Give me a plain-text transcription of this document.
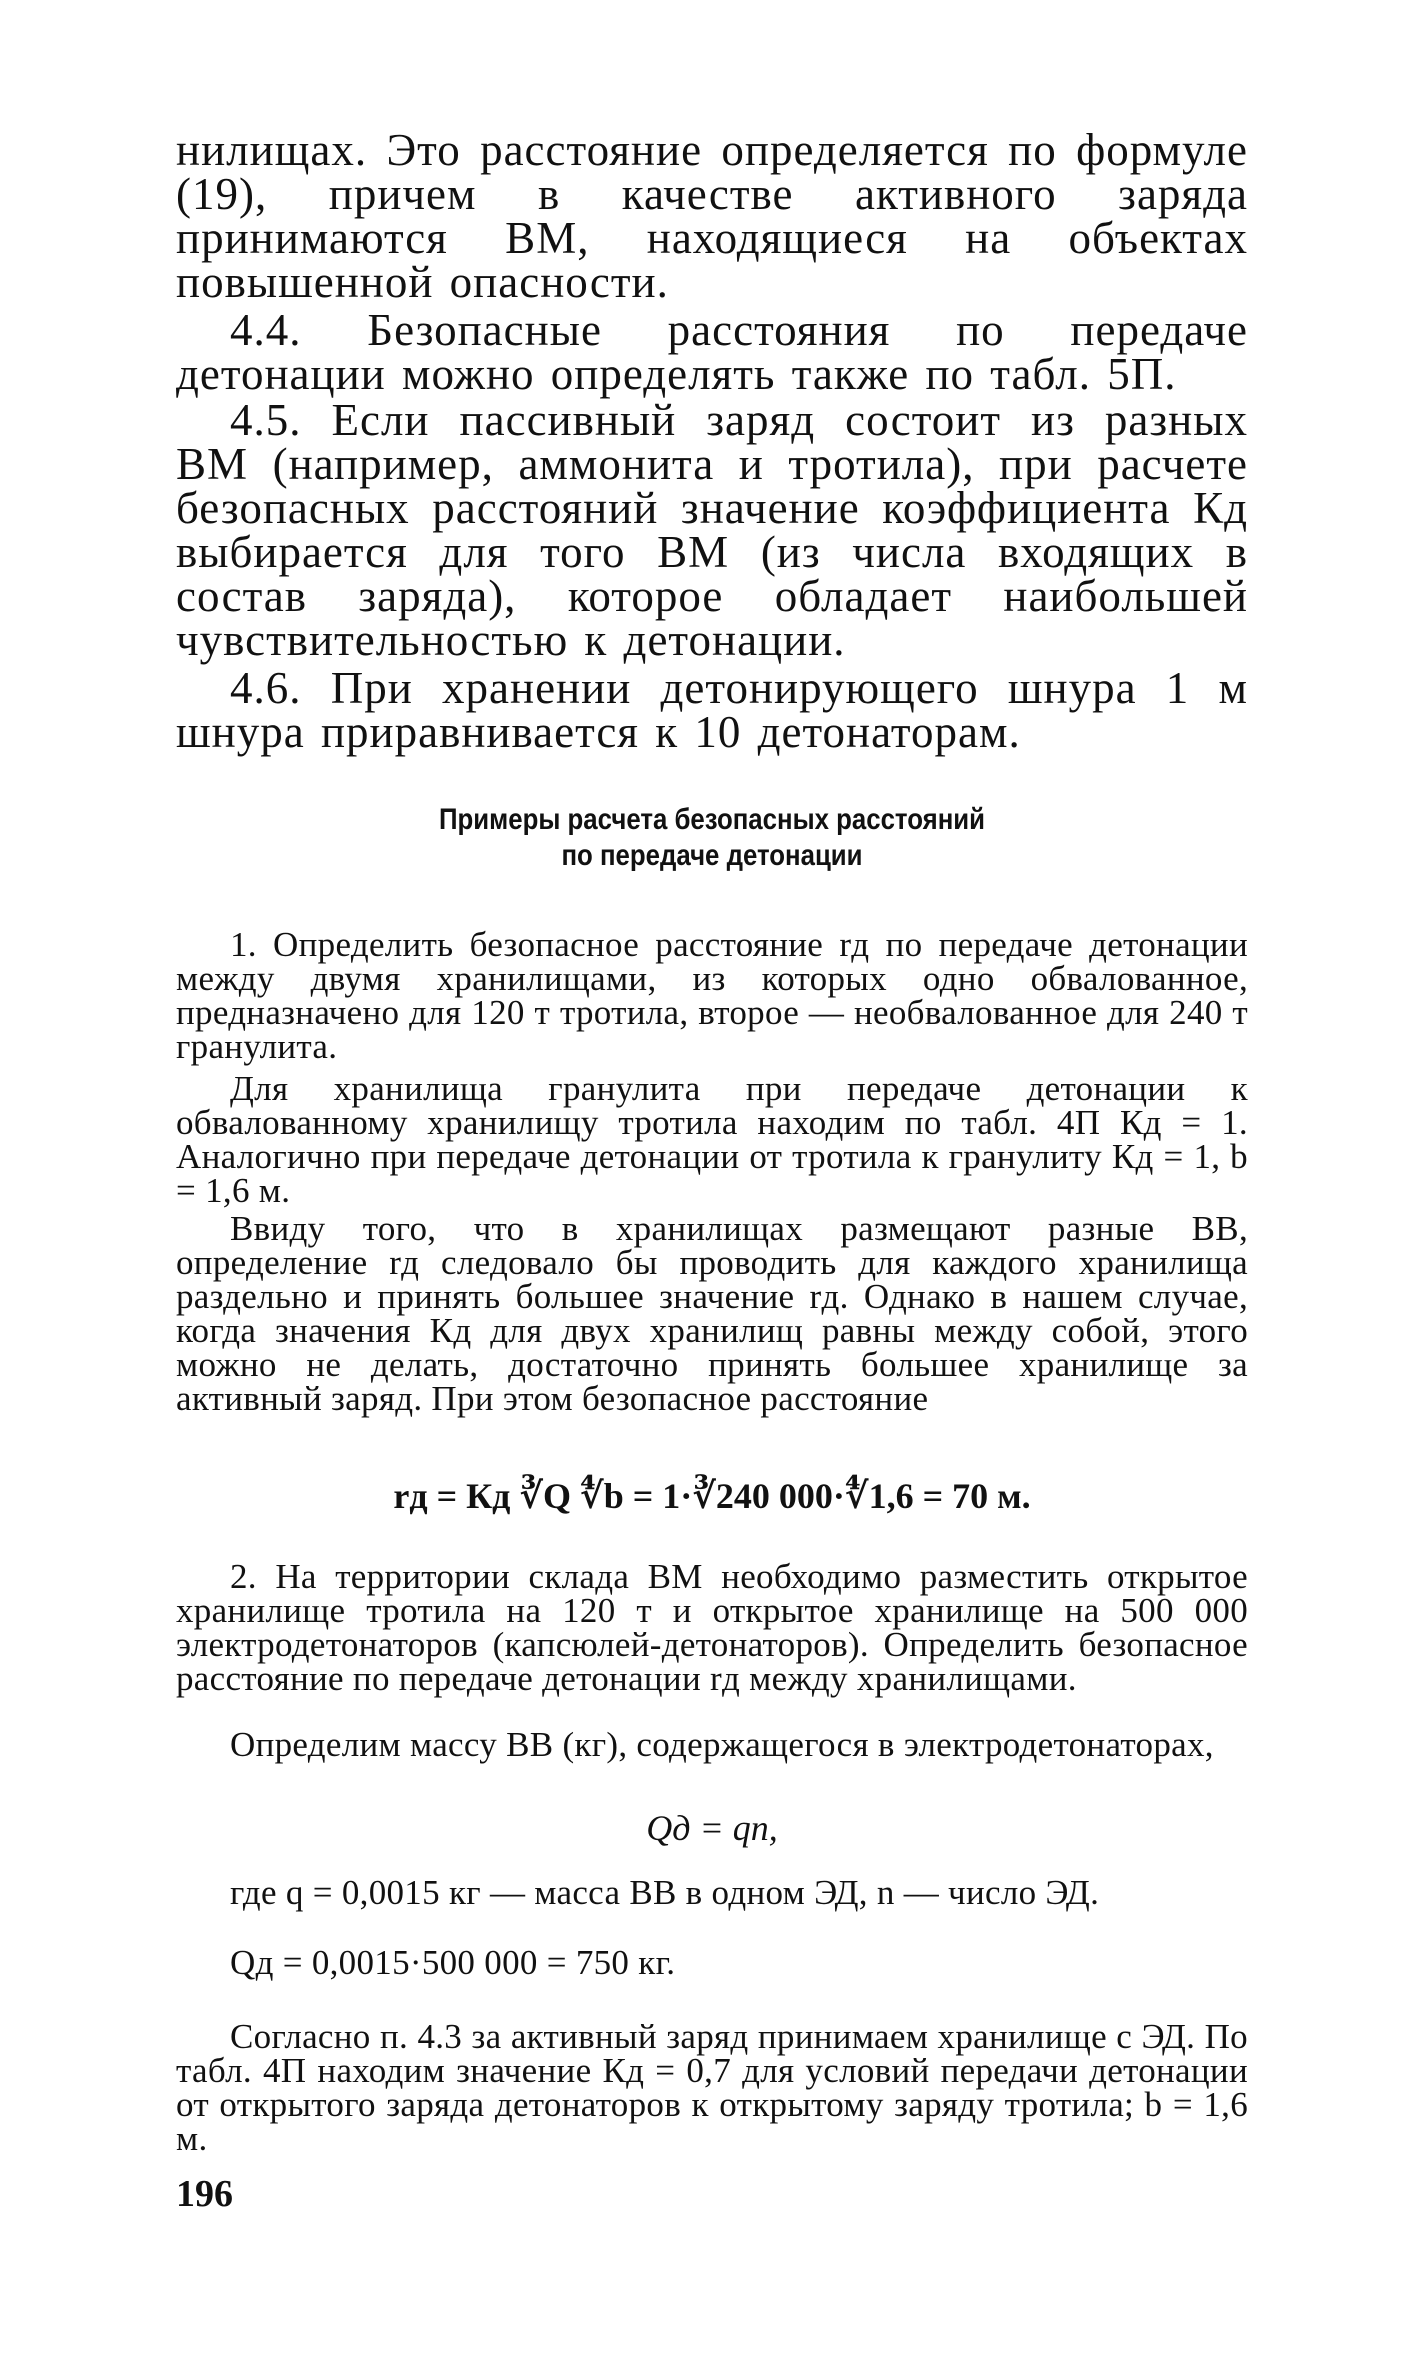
нилищах. Это расстояние определяется по формуле (19), причем в качестве активного заряда принимаются ВМ, находящиеся на объектах повышенной опасности.

4.4. Безопасные расстояния по передаче детонации можно определять также по табл. 5П.

4.5. Если пассивный заряд состоит из разных ВМ (например, аммонита и тротила), при расчете безопасных расстояний значение коэффициента Кд выбирается для того ВМ (из числа входящих в состав заряда), которое обладает наибольшей чувствительностью к детонации.

4.6. При хранении детонирующего шнура 1 м шнура приравнивается к 10 детонаторам.

Примеры расчета безопасных расстояний

по передаче детонации

1. Определить безопасное расстояние rд по передаче детонации между двумя хранилищами, из которых одно обвалованное, предназначено для 120 т тротила, второе — необвалованное для 240 т гранулита.

Для хранилища гранулита при передаче детонации к обвалованному хранилищу тротила находим по табл. 4П Кд = 1. Аналогично при передаче детонации от тротила к гранулиту Кд = 1, b = 1,6 м.

Ввиду того, что в хранилищах размещают разные ВВ, определение rд следовало бы проводить для каждого хранилища раздельно и принять большее значение rд. Однако в нашем случае, когда значения Кд для двух хранилищ равны между собой, этого можно не делать, достаточно принять большее хранилище за активный заряд. При этом безопасное расстояние

rд = Кд ∛Q ∜b = 1·∛240 000·∜1,6 = 70 м.

2. На территории склада ВМ необходимо разместить открытое хранилище тротила на 120 т и открытое хранилище на 500 000 электродетонаторов (капсюлей-детонаторов). Определить безопасное расстояние по передаче детонации rд между хранилищами.

Определим массу ВВ (кг), содержащегося в электродетонаторах,

Qд = qn,

где q = 0,0015 кг — масса ВВ в одном ЭД, n — число ЭД.

Qд = 0,0015·500 000 = 750 кг.

Согласно п. 4.3 за активный заряд принимаем хранилище с ЭД. По табл. 4П находим значение Кд = 0,7 для условий передачи детонации от открытого заряда детонаторов к открытому заряду тротила; b = 1,6 м.

196
